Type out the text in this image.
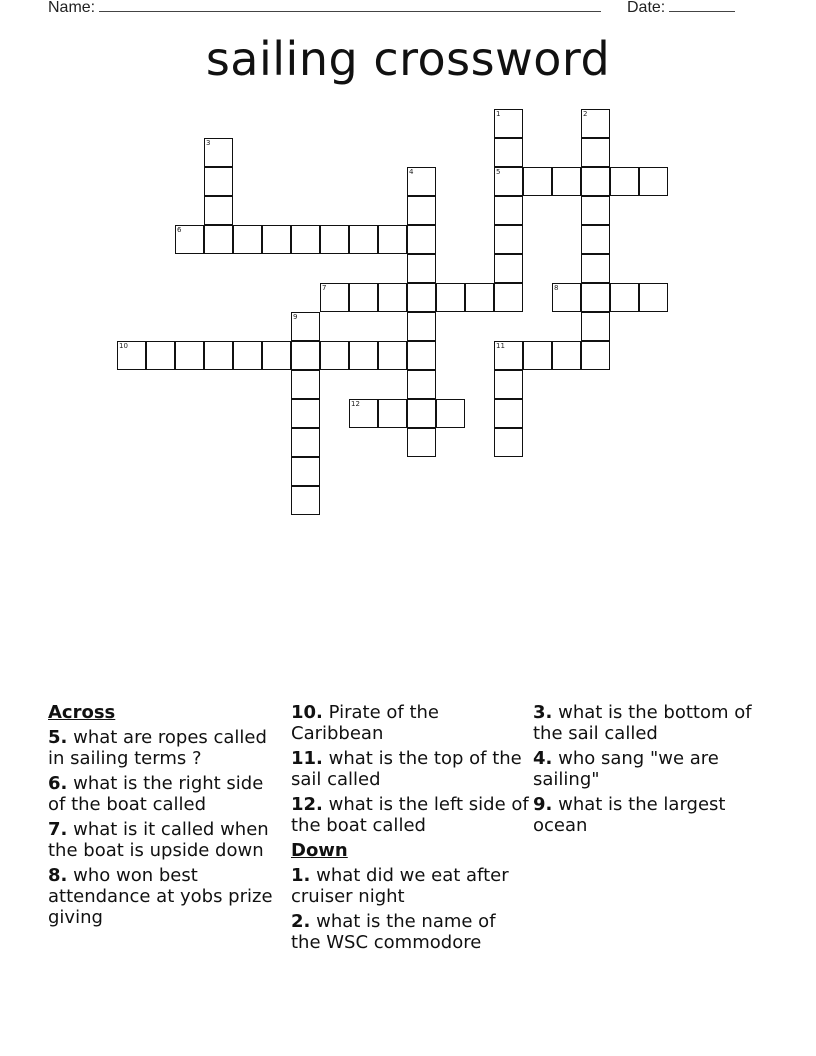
Name:	Date:
sailing crossword
1	2
3
4	5
6
7	8
9
10	11
12
Across
5. what are ropes called in sailing terms ?
6. what is the right side of the boat called
7. what is it called when the boat is upside down
8. who won best attendance at yobs prize giving
10. Pirate of the Caribbean
11. what is the top of the sail called
12. what is the left side of the boat called
Down
1. what did we eat after cruiser night
2. what is the name of the WSC commodore
3. what is the bottom of the sail called
4. who sang "we are sailing"
9. what is the largest ocean
